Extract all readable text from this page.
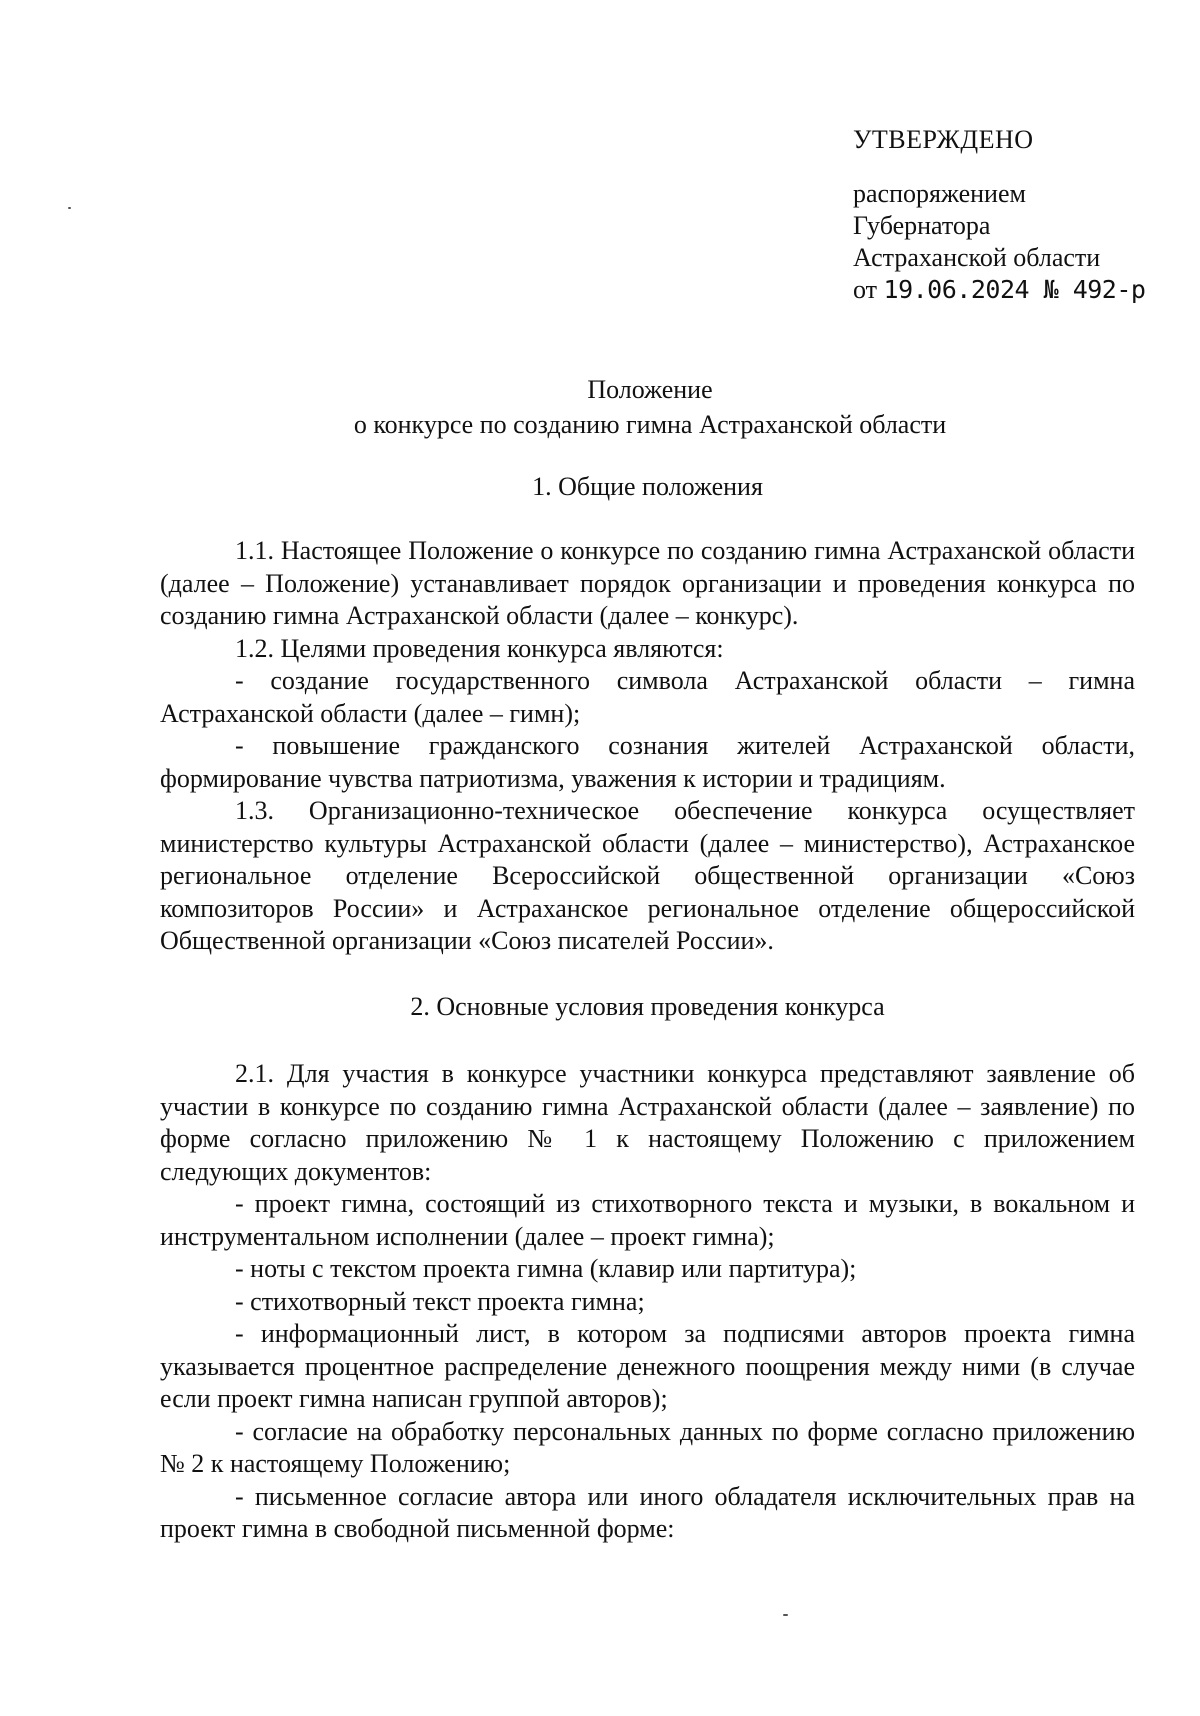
УТВЕРЖДЕНО
распоряжением
Губернатора
Астраханской области
от 19.06.2024 № 492-р
Положение
о конкурсе по созданию гимна Астраханской области
1. Общие положения

1.1. Настоящее Положение о конкурсе по созданию гимна Астраханской области (далее – Положение) устанавливает порядок организации и проведения конкурса по созданию гимна Астраханской области (далее – конкурс).

1.2. Целями проведения конкурса являются:

- создание государственного символа Астраханской области – гимна Астраханской области (далее – гимн);

- повышение гражданского сознания жителей Астраханской области, формирование чувства патриотизма, уважения к истории и традициям.

1.3. Организационно-техническое обеспечение конкурса осуществляет министерство культуры Астраханской области (далее – министерство), Астраханское региональное отделение Всероссийской общественной организации «Союз композиторов России» и Астраханское региональное отделение общероссийской Общественной организации «Союз писателей России».

2. Основные условия проведения конкурса

2.1. Для участия в конкурсе участники конкурса представляют заявление об участии в конкурсе по созданию гимна Астраханской области (далее – заявление) по форме согласно приложению № 1 к настоящему Положению с приложением следующих документов:

- проект гимна, состоящий из стихотворного текста и музыки, в вокальном и инструментальном исполнении (далее – проект гимна);

- ноты с текстом проекта гимна (клавир или партитура);

- стихотворный текст проекта гимна;

- информационный лист, в котором за подписями авторов проекта гимна указывается процентное распределение денежного поощрения между ними (в случае если проект гимна написан группой авторов);

- согласие на обработку персональных данных по форме согласно приложению № 2 к настоящему Положению;

- письменное согласие автора или иного обладателя исключительных прав на проект гимна в свободной письменной форме:
